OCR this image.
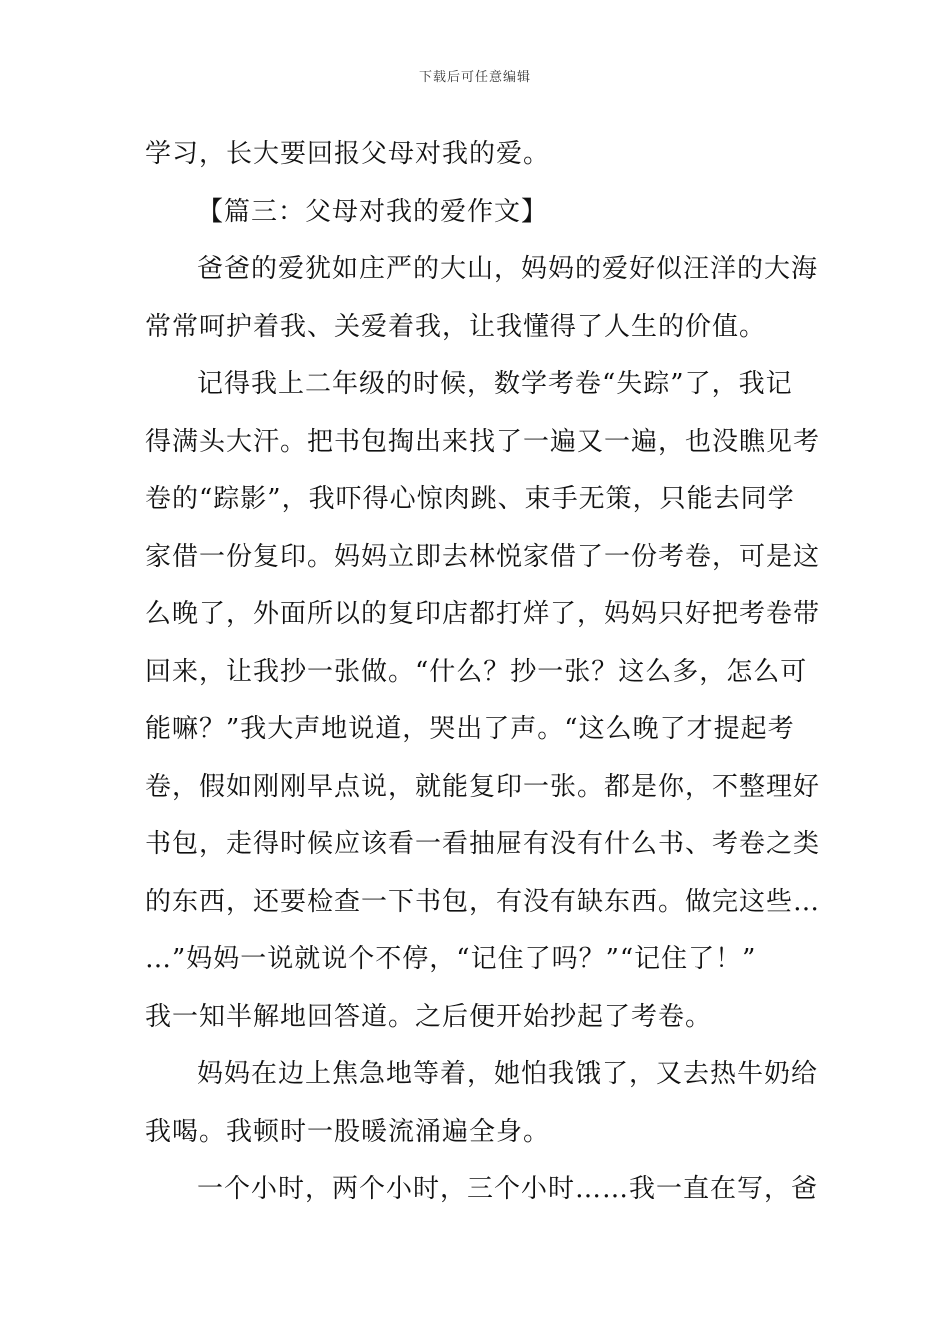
下载后可任意编辑
学习，长大要回报父母对我的爱。
【篇三：父母对我的爱作文】
爸爸的爱犹如庄严的大山，妈妈的爱好似汪洋的大海
常常呵护着我、关爱着我，让我懂得了人生的价值。
记得我上二年级的时候，数学考卷“失踪”了，我记
得满头大汗。把书包掏出来找了一遍又一遍，也没瞧见考
卷的“踪影”，我吓得心惊肉跳、束手无策，只能去同学
家借一份复印。妈妈立即去林悦家借了一份考卷，可是这
么晚了，外面所以的复印店都打烊了，妈妈只好把考卷带
回来，让我抄一张做。“什么？抄一张？这么多，怎么可
能嘛？”我大声地说道，哭出了声。“这么晚了才提起考
卷，假如刚刚早点说，就能复印一张。都是你，不整理好
书包，走得时候应该看一看抽屉有没有什么书、考卷之类
的东西，还要检查一下书包，有没有缺东西。做完这些…
…”妈妈一说就说个不停，“记住了吗？”“记住了！”
我一知半解地回答道。之后便开始抄起了考卷。
妈妈在边上焦急地等着，她怕我饿了，又去热牛奶给
我喝。我顿时一股暖流涌遍全身。
一个小时，两个小时，三个小时……我一直在写，爸
